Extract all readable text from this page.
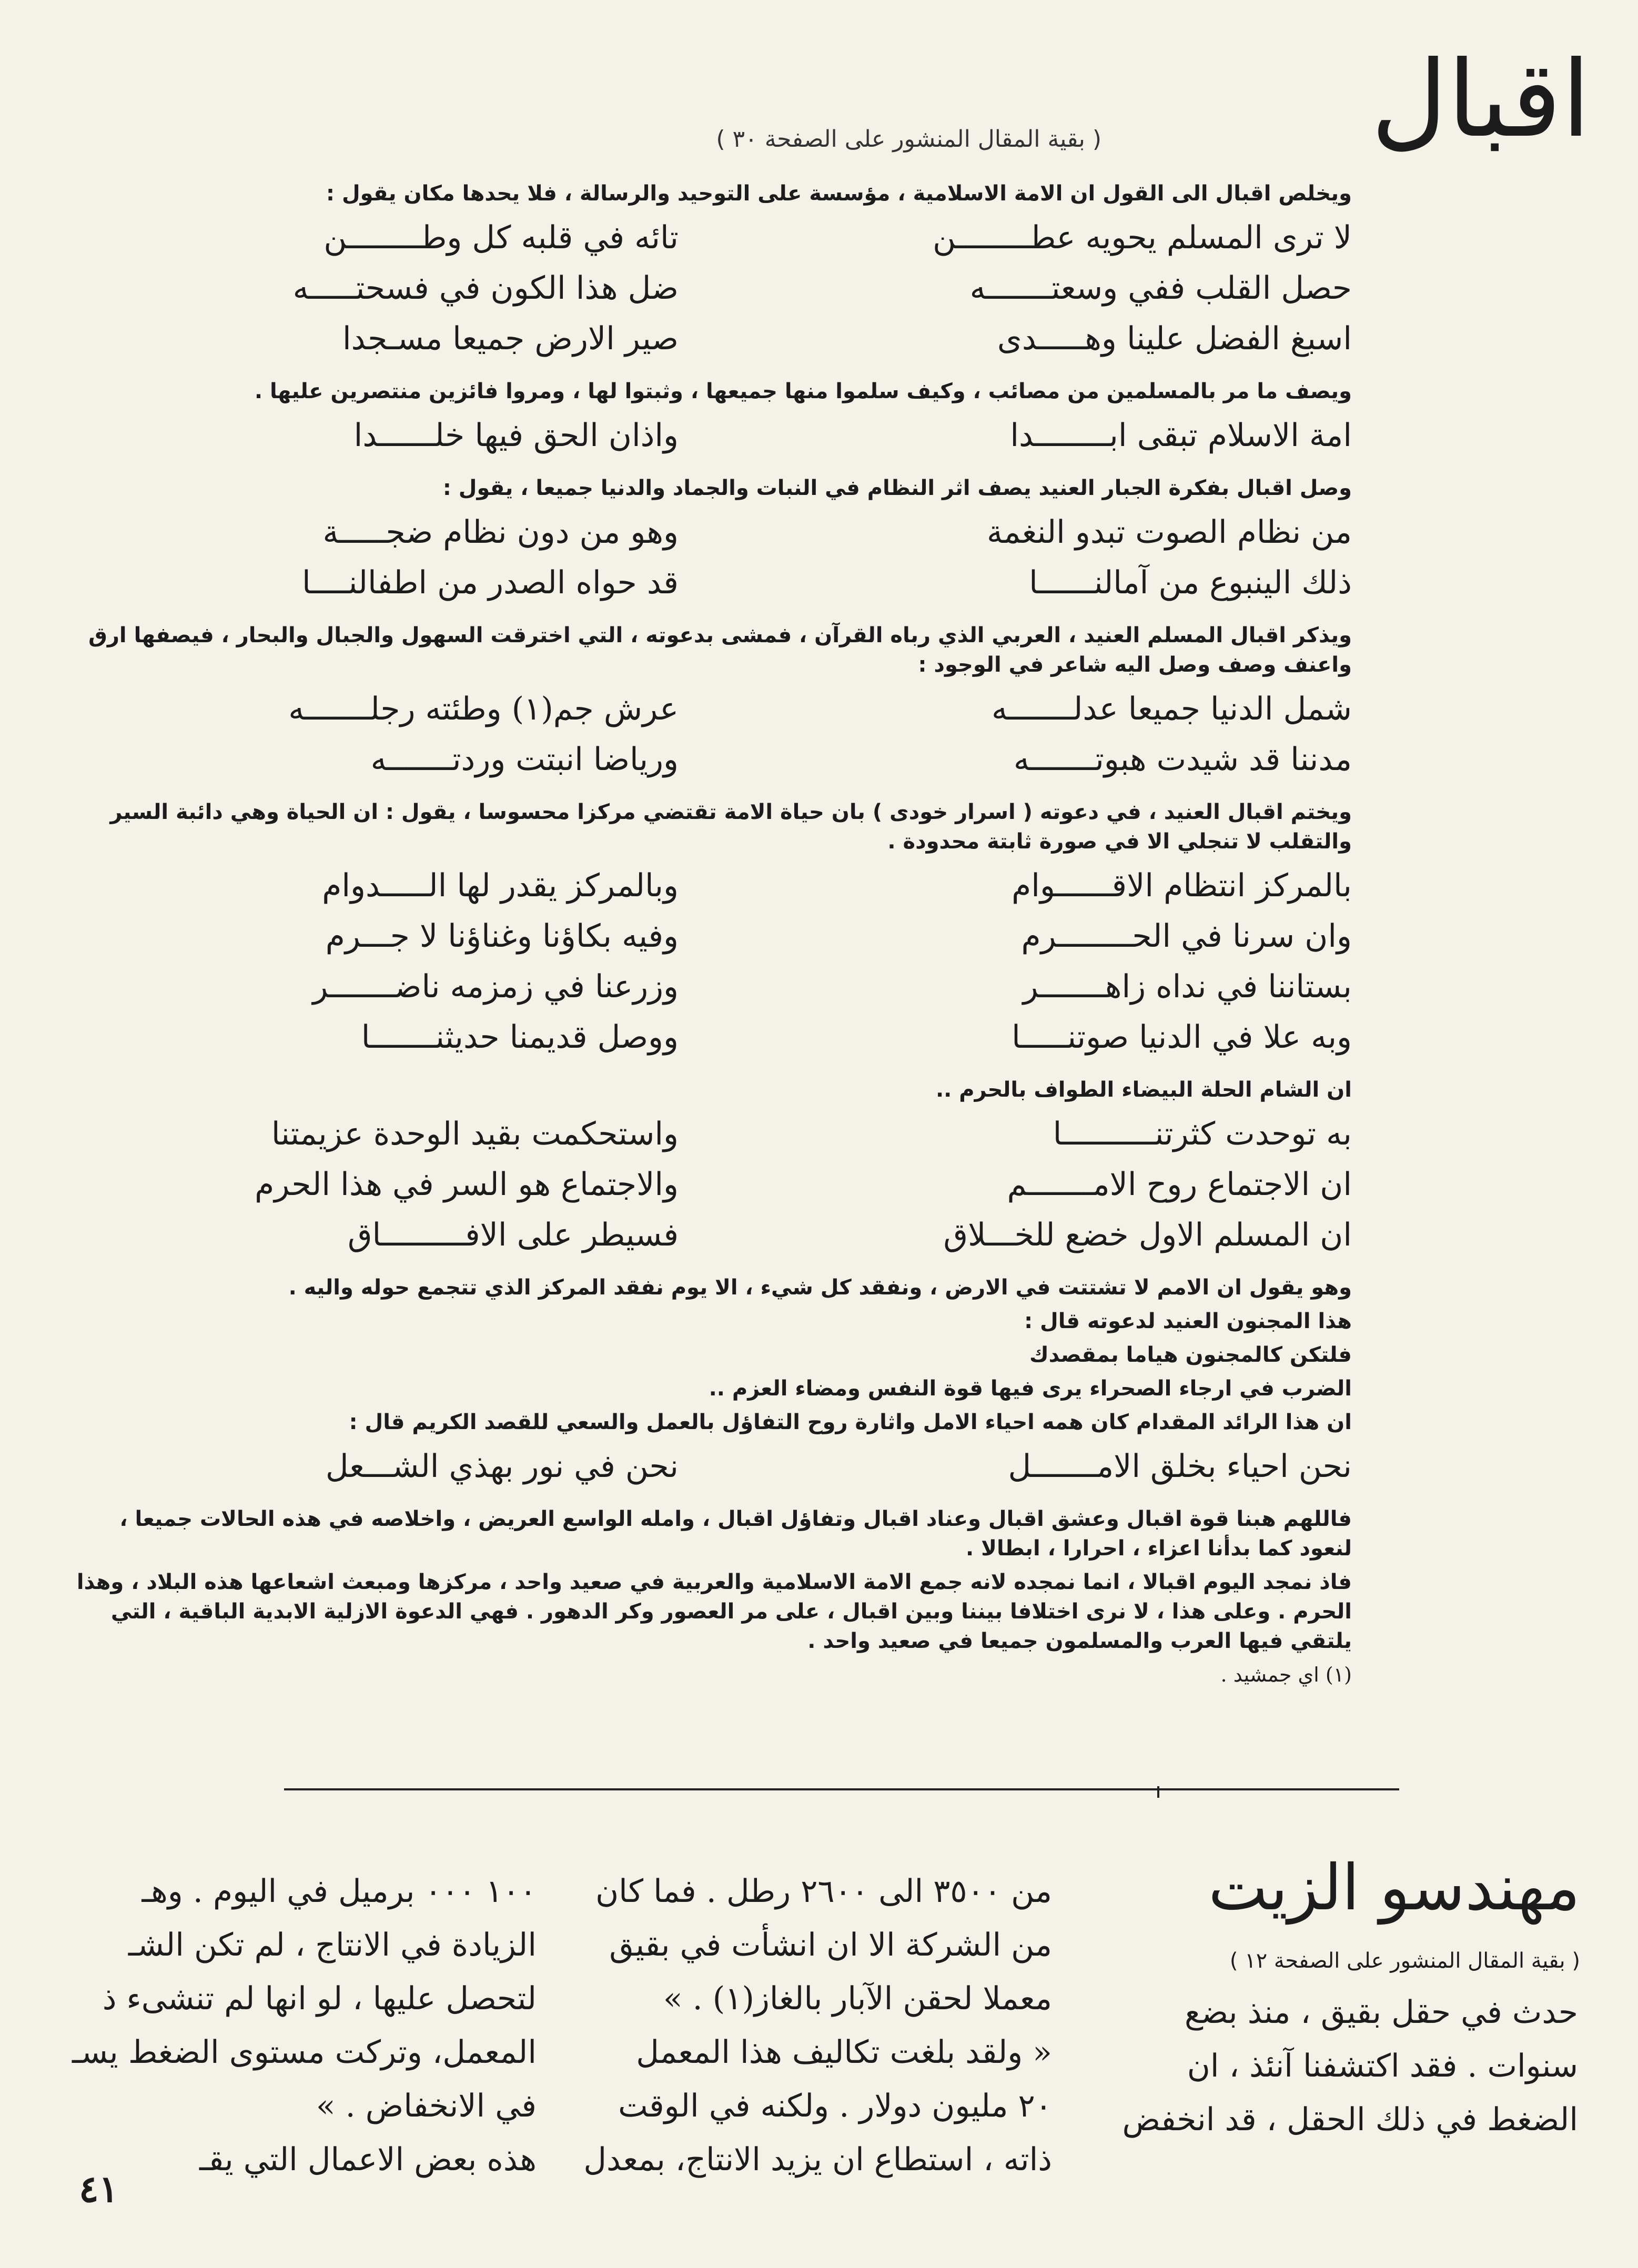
اقبال
( بقية المقال المنشور على الصفحة ٣٠ )

ويخلص اقبال الى القول ان الامة الاسلامية ، مؤسسة على التوحيد والرسالة ، فلا يحدها مكان يقول :

لا ترى المسلم يحويه عطــــــــن
تائه في قلبه كل وطــــــــن
حصل القلب ففي وسعتـــــــه
ضل هذا الكون في فسحتـــــه
اسبغ الفضل علينا وهـــــدى
صير الارض جميعا مسـجدا

ويصف ما مر بالمسلمين من مصائب ، وكيف سلموا منها جميعها ، وثبتوا لها ، ومروا فائزين منتصرين عليها .

امة الاسلام تبقى ابــــــــدا
واذان الحق فيها خلــــــدا

وصل اقبال بفكرة الجبار العنيد يصف اثر النظام في النبات والجماد والدنيا جميعا ، يقول :

من نظام الصوت تبدو النغمة
وهو من دون نظام ضجـــــة
ذلك الينبوع من آمالنــــــا
قد حواه الصدر من اطفالنــــا

ويذكر اقبال المسلم العنيد ، العربي الذي رباه القرآن ، فمشى بدعوته ، التي اخترقت السهول والجبال والبحار ، فيصفها ارق واعنف وصف وصل اليه شاعر في الوجود :

شمل الدنيا جميعا عدلـــــــه
عرش جم(١) وطئته رجلـــــــه
مدننا قد شيدت هبوتـــــــه
ورياضا انبتت وردتـــــــه

ويختم اقبال العنيد ، في دعوته ( اسرار خودى ) بان حياة الامة تقتضي مركزا محسوسا ، يقول : ان الحياة وهي دائبة السير والتقلب لا تنجلي الا في صورة ثابتة محدودة .

بالمركز انتظام الاقــــــوام
وبالمركز يقدر لها الـــــدوام
وان سرنا في الحــــــــرم
وفيه بكاؤنا وغناؤنا لا جـــرم
بستاننا في نداه زاهـــــــر
وزرعنا في زمزمه ناضـــــــر
وبه علا في الدنيا صوتنـــــا
ووصل قديمنا حديثنـــــــا

ان الشام الحلة البيضاء الطواف بالحرم ..

به توحدت كثرتنــــــــــا
واستحكمت بقيد الوحدة عزيمتنا
ان الاجتماع روح الامـــــــم
والاجتماع هو السر في هذا الحرم
ان المسلم الاول خضع للخـــلاق
فسيطر على الافـــــــــاق

وهو يقول ان الامم لا تشتتت في الارض ، ونفقد كل شيء ، الا يوم نفقد المركز الذي تتجمع حوله واليه .

هذا المجنون العنيد لدعوته قال :

فلتكن كالمجنون هياما بمقصدك

الضرب في ارجاء الصحراء يرى فيها قوة النفس ومضاء العزم ..

ان هذا الرائد المقدام كان همه احياء الامل واثارة روح التفاؤل بالعمل والسعي للقصد الكريم قال :

نحن احياء بخلق الامـــــــل
نحن في نور بهذي الشـــعل

فاللهم هبنا قوة اقبال وعشق اقبال وعناد اقبال وتفاؤل اقبال ، وامله الواسع العريض ، واخلاصه في هذه الحالات جميعا ، لنعود كما بدأنا اعزاء ، احرارا ، ابطالا .

فاذ نمجد اليوم اقبالا ، انما نمجده لانه جمع الامة الاسلامية والعربية في صعيد واحد ، مركزها ومبعث اشعاعها هذه البلاد ، وهذا الحرم . وعلى هذا ، لا نرى اختلافا بيننا وبين اقبال ، على مر العصور وكر الدهور . فهي الدعوة الازلية الابدية الباقية ، التي يلتقي فيها العرب والمسلمون جميعا في صعيد واحد .

(١) اي جمشيد .
مهندسو الزيت
( بقية المقال المنشور على الصفحة ١٢ )
حدث في حقل بقيق ، منذ بضع
سنوات . فقد اكتشفنا آنئذ ، ان
الضغط في ذلك الحقل ، قد انخفض
من ٣٥٠٠ الى ٢٦٠٠ رطل . فما كان
من الشركة الا ان انشأت في بقيق
معملا لحقن الآبار بالغاز(١) . »
« ولقد بلغت تكاليف هذا المعمل
٢٠ مليون دولار . ولكنه في الوقت
ذاته ، استطاع ان يزيد الانتاج، بمعدل
١٠٠ ٠٠٠ برميل في اليوم . وهـ
الزيادة في الانتاج ، لم تكن الشـ
لتحصل عليها ، لو انها لم تنشىء ذ
المعمل، وتركت مستوى الضغط يسـ
في الانخفاض . »
هذه بعض الاعمال التي يقـ
٤١
